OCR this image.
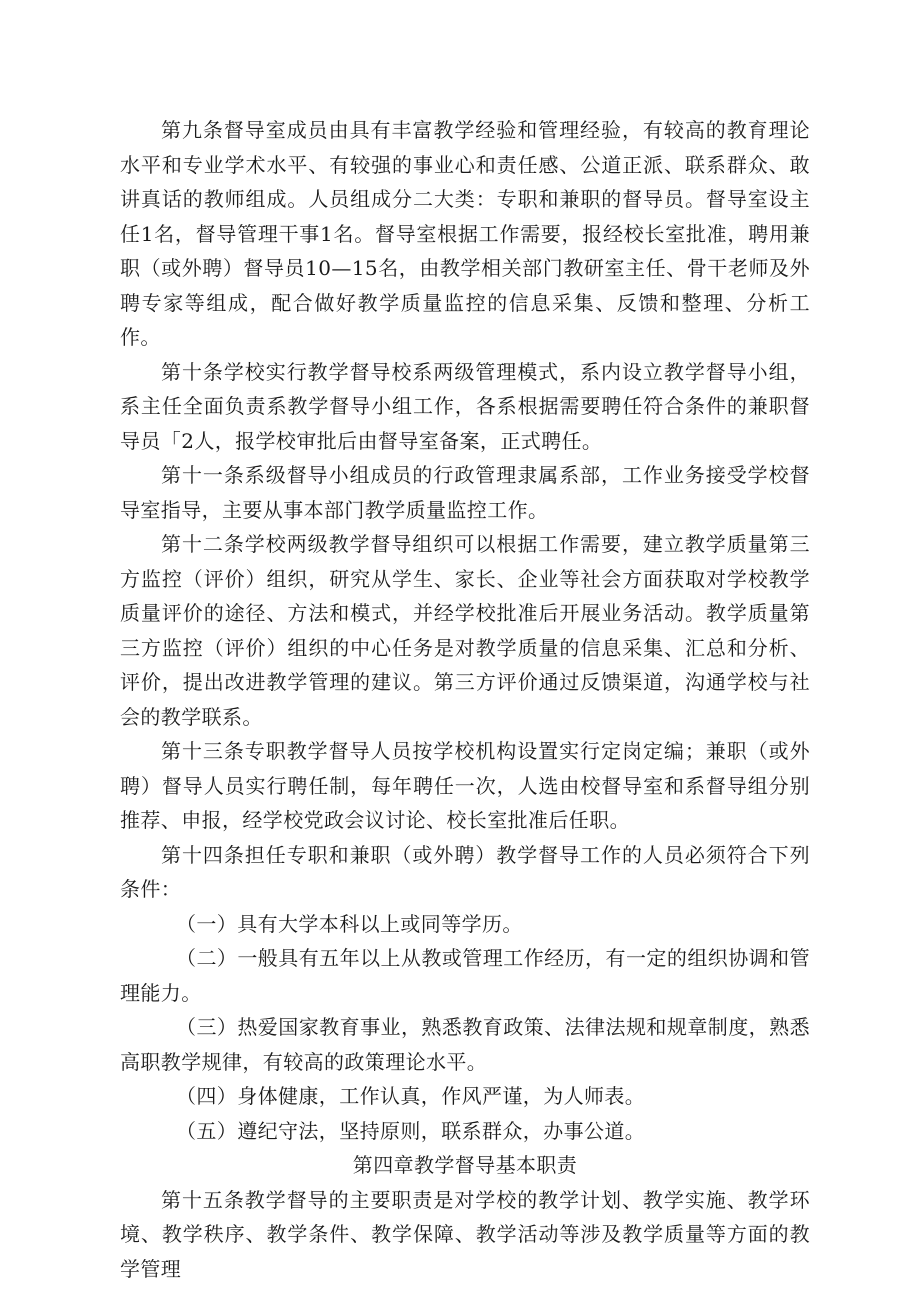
第九条督导室成员由具有丰富教学经验和管理经验，有较高的教育理论水平和专业学术水平、有较强的事业心和责任感、公道正派、联系群众、敢讲真话的教师组成。人员组成分二大类：专职和兼职的督导员。督导室设主任1名，督导管理干事1名。督导室根据工作需要，报经校长室批准，聘用兼职（或外聘）督导员10—15名，由教学相关部门教研室主任、骨干老师及外聘专家等组成，配合做好教学质量监控的信息采集、反馈和整理、分析工作。

第十条学校实行教学督导校系两级管理模式，系内设立教学督导小组，系主任全面负责系教学督导小组工作，各系根据需要聘任符合条件的兼职督导员「2人，报学校审批后由督导室备案，正式聘任。

第十一条系级督导小组成员的行政管理隶属系部，工作业务接受学校督导室指导，主要从事本部门教学质量监控工作。

第十二条学校两级教学督导组织可以根据工作需要，建立教学质量第三方监控（评价）组织，研究从学生、家长、企业等社会方面获取对学校教学质量评价的途径、方法和模式，并经学校批准后开展业务活动。教学质量第三方监控（评价）组织的中心任务是对教学质量的信息采集、汇总和分析、评价，提出改进教学管理的建议。第三方评价通过反馈渠道，沟通学校与社会的教学联系。

第十三条专职教学督导人员按学校机构设置实行定岗定编；兼职（或外聘）督导人员实行聘任制，每年聘任一次，人选由校督导室和系督导组分别推荐、申报，经学校党政会议讨论、校长室批准后任职。

第十四条担任专职和兼职（或外聘）教学督导工作的人员必须符合下列条件：

（一）具有大学本科以上或同等学历。

（二）一般具有五年以上从教或管理工作经历，有一定的组织协调和管理能力。

（三）热爱国家教育事业，熟悉教育政策、法律法规和规章制度，熟悉高职教学规律，有较高的政策理论水平。

（四）身体健康，工作认真，作风严谨，为人师表。

（五）遵纪守法，坚持原则，联系群众，办事公道。

第四章教学督导基本职责

第十五条教学督导的主要职责是对学校的教学计划、教学实施、教学环境、教学秩序、教学条件、教学保障、教学活动等涉及教学质量等方面的教学管理
